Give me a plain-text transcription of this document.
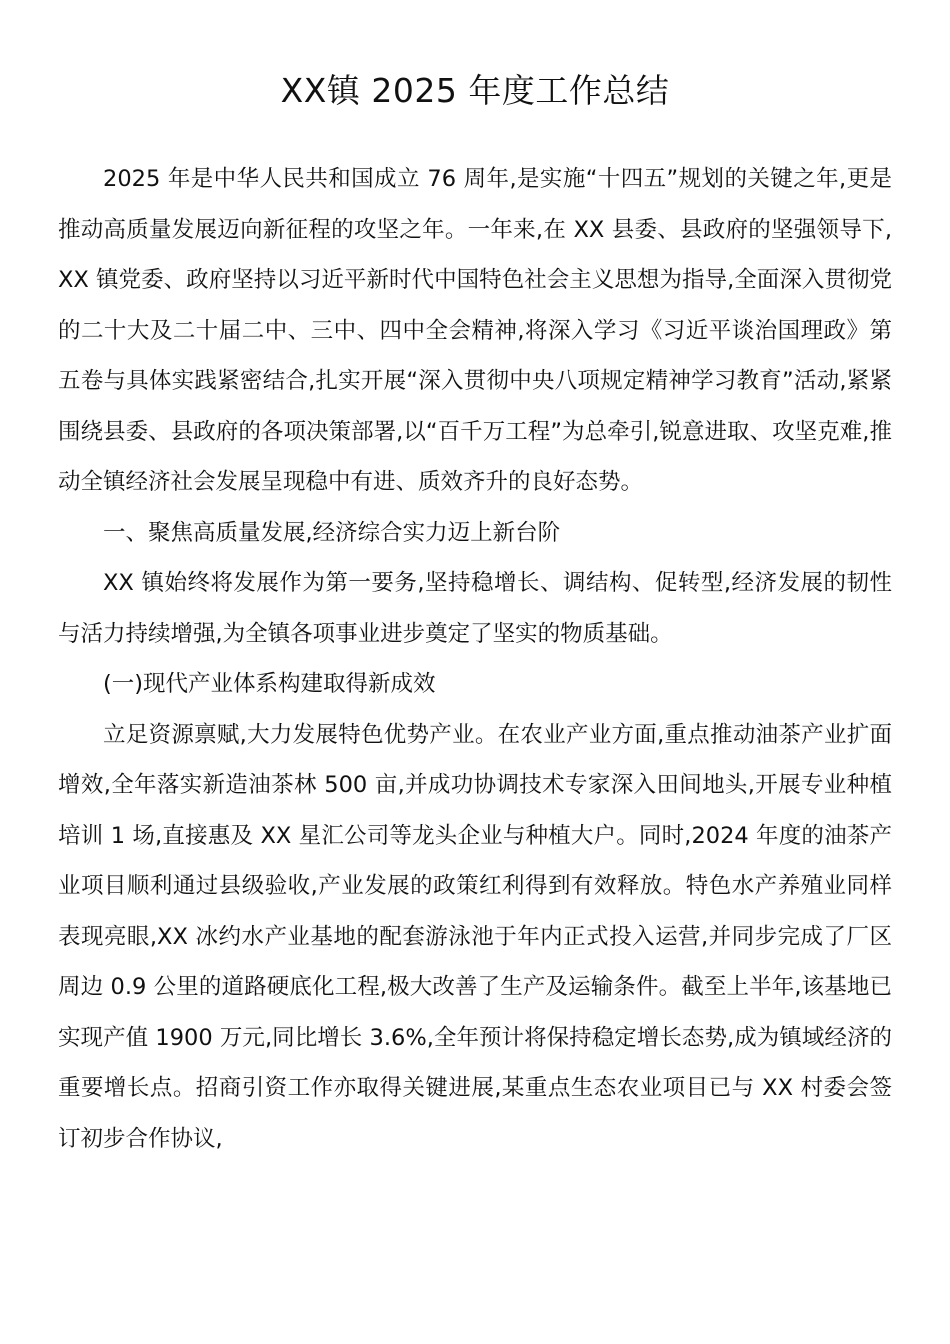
XX镇 2025 年度工作总结

2025 年是中华人民共和国成立 76 周年,是实施“十四五”规划的关键之年,更是推动高质量发展迈向新征程的攻坚之年。一年来,在 XX 县委、县政府的坚强领导下,XX 镇党委、政府坚持以习近平新时代中国特色社会主义思想为指导,全面深入贯彻党的二十大及二十届二中、三中、四中全会精神,将深入学习《习近平谈治国理政》第五卷与具体实践紧密结合,扎实开展“深入贯彻中央八项规定精神学习教育”活动,紧紧围绕县委、县政府的各项决策部署,以“百千万工程”为总牵引,锐意进取、攻坚克难,推动全镇经济社会发展呈现稳中有进、质效齐升的良好态势。

一、聚焦高质量发展,经济综合实力迈上新台阶

XX 镇始终将发展作为第一要务,坚持稳增长、调结构、促转型,经济发展的韧性与活力持续增强,为全镇各项事业进步奠定了坚实的物质基础。

(一)现代产业体系构建取得新成效

立足资源禀赋,大力发展特色优势产业。在农业产业方面,重点推动油茶产业扩面增效,全年落实新造油茶林 500 亩,并成功协调技术专家深入田间地头,开展专业种植培训 1 场,直接惠及 XX 星汇公司等龙头企业与种植大户。同时,2024 年度的油茶产业项目顺利通过县级验收,产业发展的政策红利得到有效释放。特色水产养殖业同样表现亮眼,XX 冰约水产业基地的配套游泳池于年内正式投入运营,并同步完成了厂区周边 0.9 公里的道路硬底化工程,极大改善了生产及运输条件。截至上半年,该基地已实现产值 1900 万元,同比增长 3.6%,全年预计将保持稳定增长态势,成为镇域经济的重要增长点。招商引资工作亦取得关键进展,某重点生态农业项目已与 XX 村委会签订初步合作协议,
